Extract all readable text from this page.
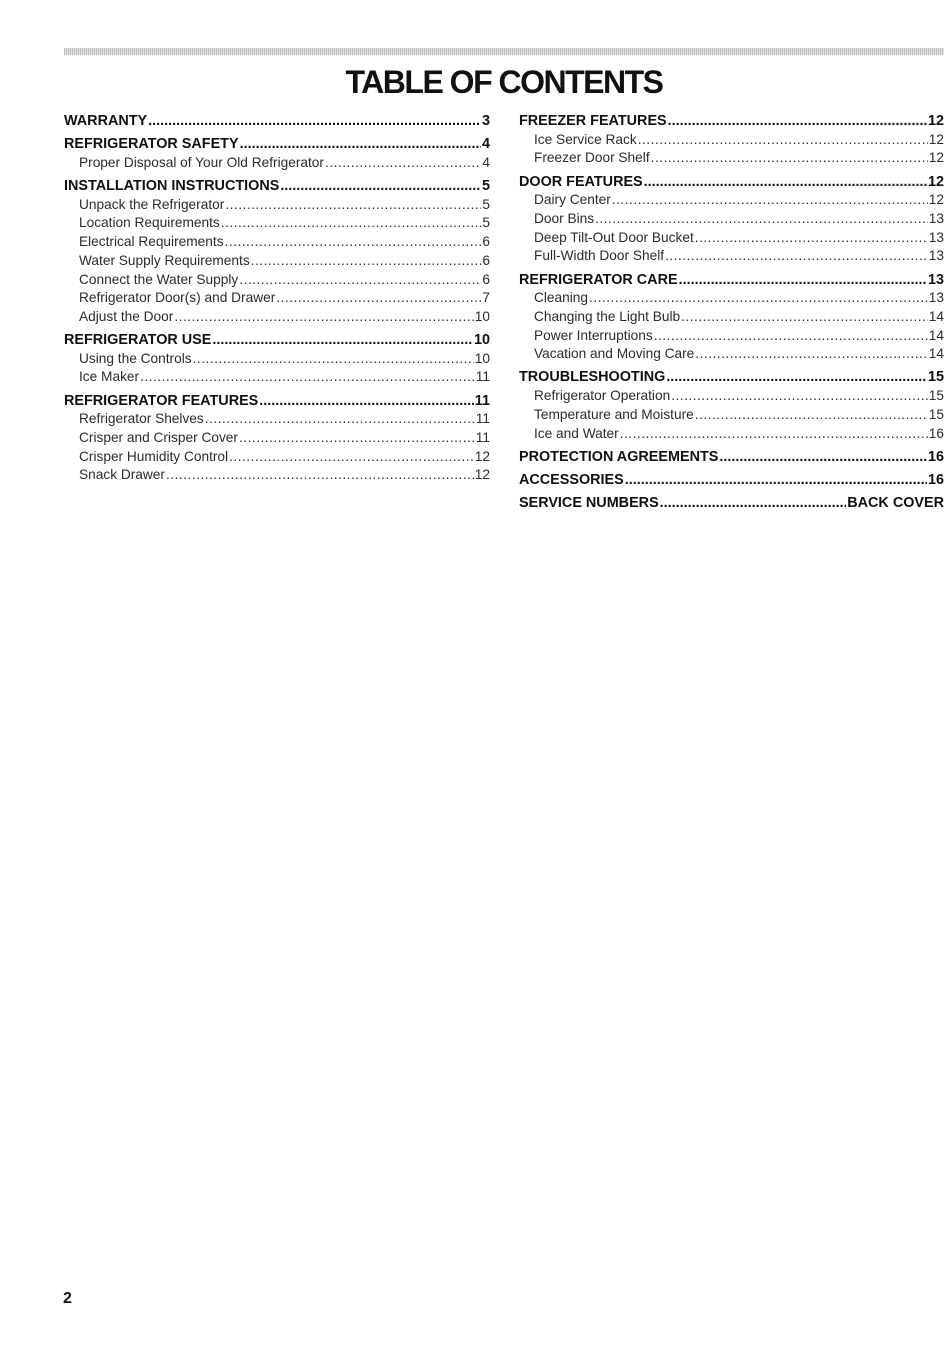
TABLE OF CONTENTS
WARRANTY .....	3
REFRIGERATOR SAFETY .....	4
Proper Disposal of Your Old Refrigerator .....	4
INSTALLATION INSTRUCTIONS .....	5
Unpack the Refrigerator .....	5
Location Requirements .....	5
Electrical Requirements .....	6
Water Supply Requirements .....	6
Connect the Water Supply .....	6
Refrigerator Door(s) and Drawer .....	7
Adjust the Door .....	10
REFRIGERATOR USE .....	10
Using the Controls .....	10
Ice Maker .....	11
REFRIGERATOR FEATURES .....	11
Refrigerator Shelves .....	11
Crisper and Crisper Cover .....	11
Crisper Humidity Control .....	12
Snack Drawer .....	12
FREEZER FEATURES .....	12
Ice Service Rack .....	12
Freezer Door Shelf .....	12
DOOR FEATURES .....	12
Dairy Center .....	12
Door Bins .....	13
Deep Tilt-Out Door Bucket .....	13
Full-Width Door Shelf .....	13
REFRIGERATOR CARE .....	13
Cleaning .....	13
Changing the Light Bulb .....	14
Power Interruptions .....	14
Vacation and Moving Care .....	14
TROUBLESHOOTING .....	15
Refrigerator Operation .....	15
Temperature and Moisture .....	15
Ice and Water .....	16
PROTECTION AGREEMENTS .....	16
ACCESSORIES .....	16
SERVICE NUMBERS .....	BACK COVER
2
